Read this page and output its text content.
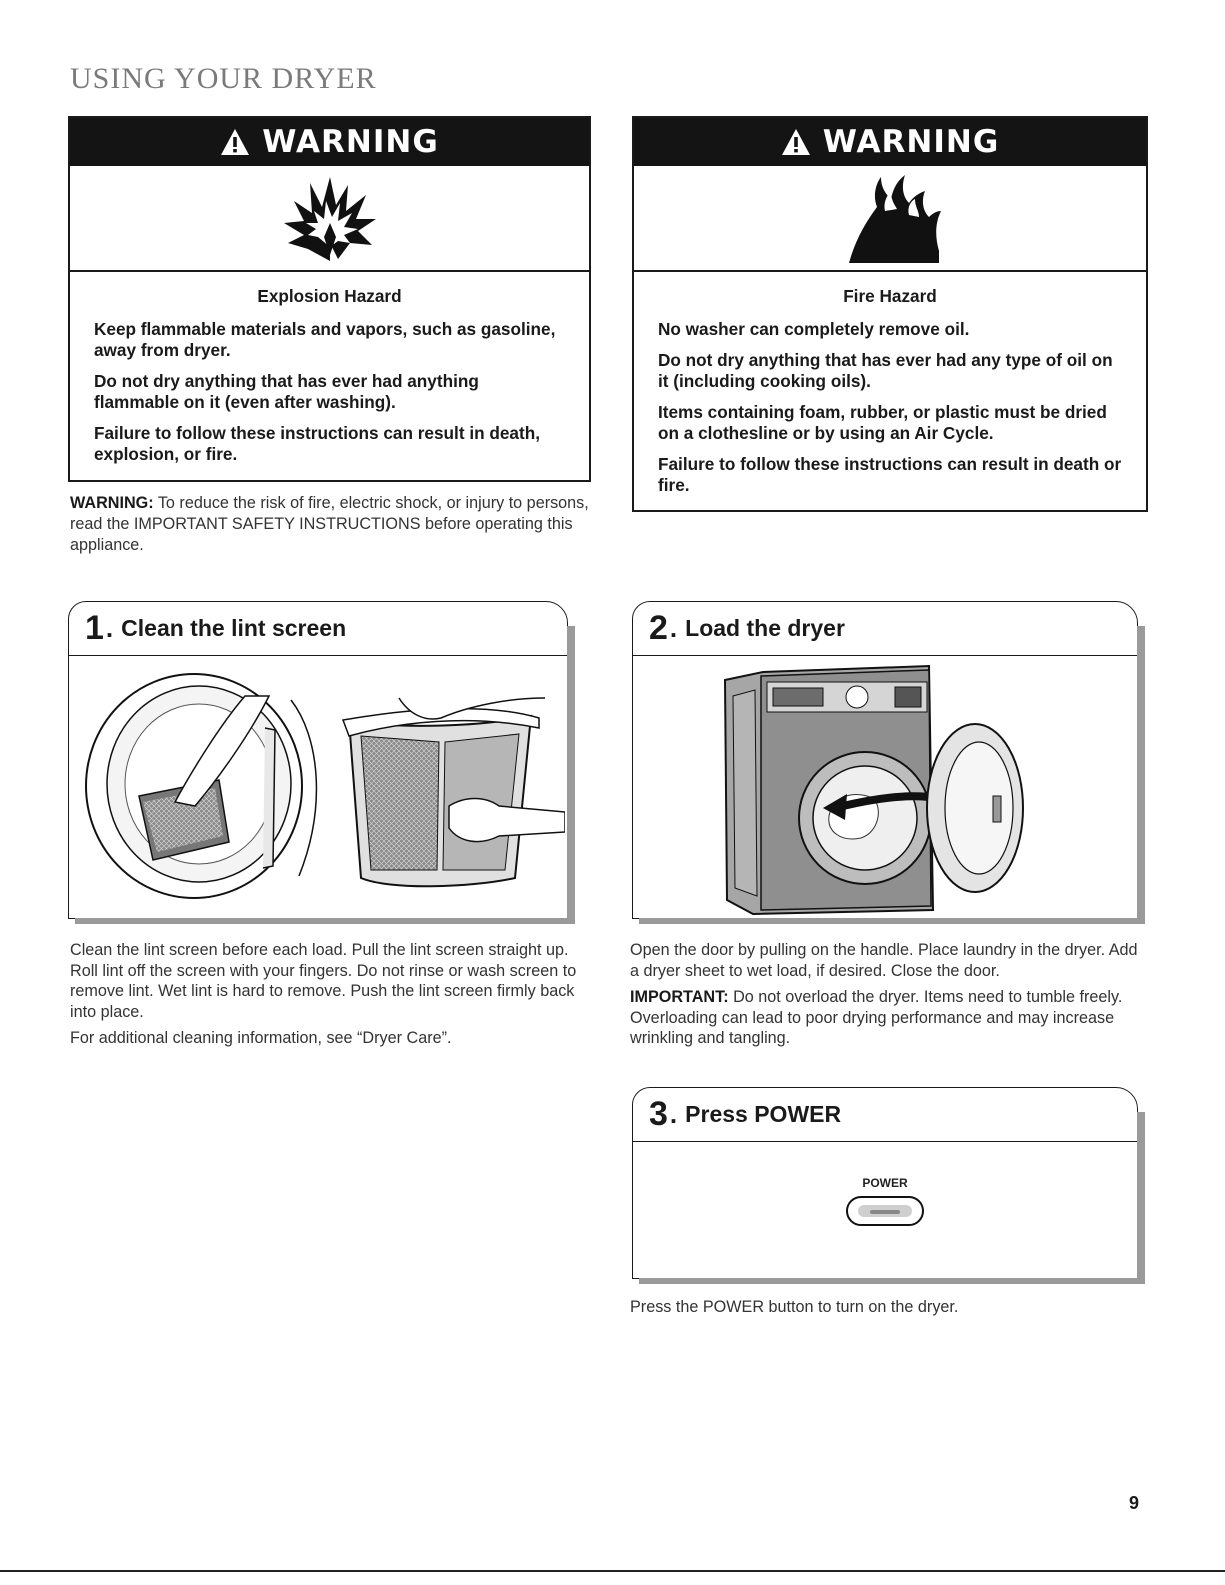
USING YOUR DRYER
WARNING

Explosion Hazard

Keep flammable materials and vapors, such as gasoline, away from dryer.

Do not dry anything that has ever had anything flammable on it (even after washing).

Failure to follow these instructions can result in death, explosion, or fire.

WARNING

Fire Hazard

No washer can completely remove oil.

Do not dry anything that has ever had any type of oil on it (including cooking oils).

Items containing foam, rubber, or plastic must be dried on a clothesline or by using an Air Cycle.

Failure to follow these instructions can result in death or fire.

WARNING: To reduce the risk of fire, electric shock, or injury to persons, read the IMPORTANT SAFETY INSTRUCTIONS before operating this appliance.

1 . Clean the lint screen

Clean the lint screen before each load. Pull the lint screen straight up. Roll lint off the screen with your fingers. Do not rinse or wash screen to remove lint. Wet lint is hard to remove. Push the lint screen firmly back into place.

For additional cleaning information, see “Dryer Care”.

2 . Load the dryer

Open the door by pulling on the handle. Place laundry in the dryer. Add a dryer sheet to wet load, if desired. Close the door.

IMPORTANT: Do not overload the dryer. Items need to tumble freely. Overloading can lead to poor drying performance and may increase wrinkling and tangling.

3 . Press POWER
POWER

Press the POWER button to turn on the dryer.

9
